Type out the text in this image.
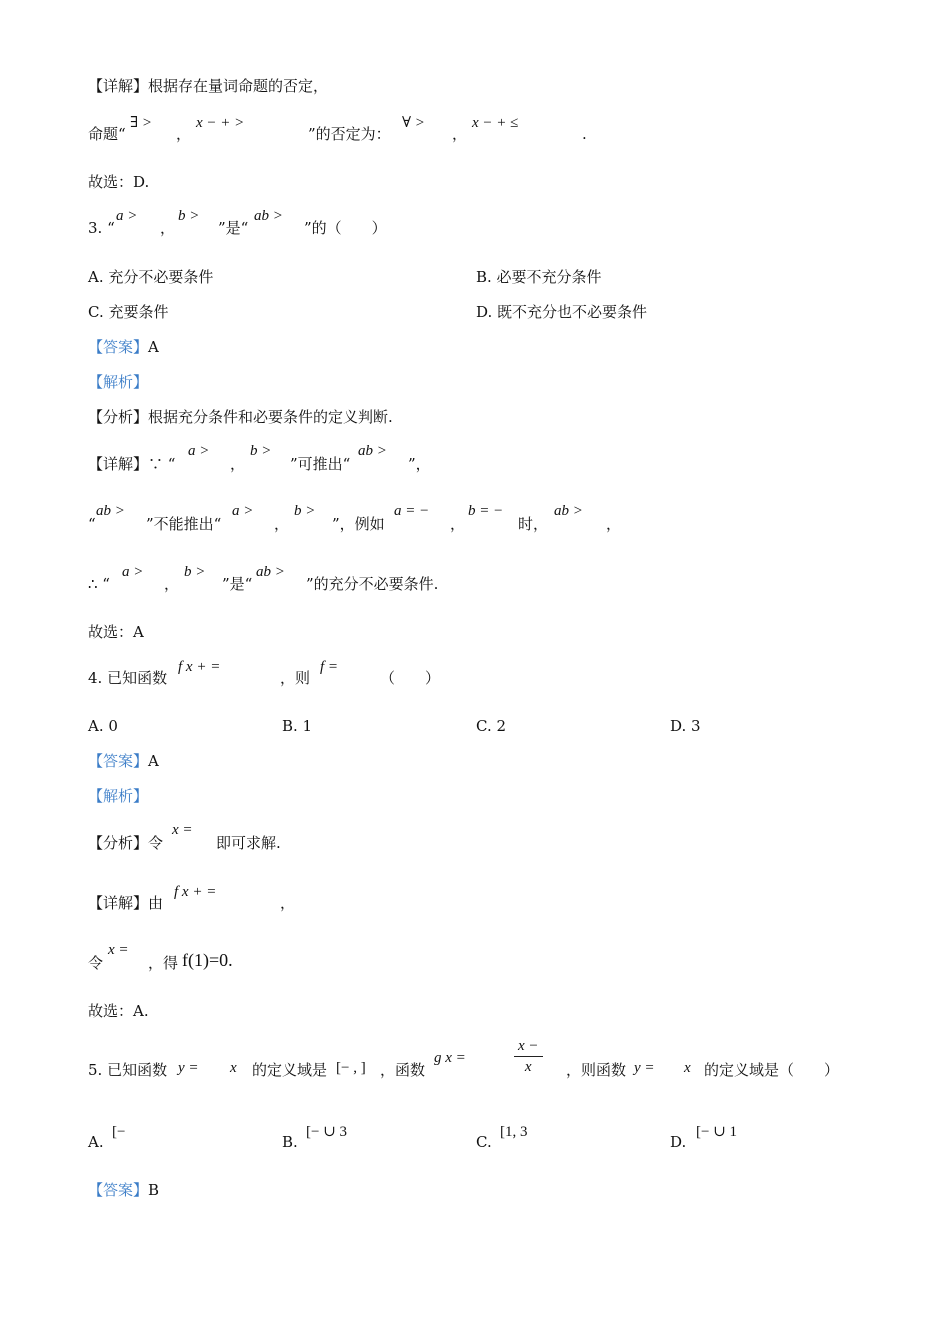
【详解】根据存在量词命题的否定，
命题“
∃ >
，
x − + >
”的否定为：
∀ >
，
x − + ≤
.
故选：D.
3. “
a >
，
b >
”是“
ab >
”的（　　）
A. 充分不必要条件	B. 必要不充分条件
C. 充要条件	D. 既不充分也不必要条件
【答案】A
【解析】
【分析】根据充分条件和必要条件的定义判断.
【详解】∵ “
a >
，
b >
”可推出“
ab >
”，
“
ab >
”不能推出“
a >
，
b >
”，例如
a = −
，
b = −
时，
ab >
，
∴ “
a >
，
b >
”是“
ab >
”的充分不必要条件.
故选：A
4. 已知函数
f x + =
，则
f =
（　　）
A. 0	B. 1	C. 2	D. 3
【答案】A
【解析】
【分析】令
x =
即可求解.
【详解】由
f x + =
，
令
x =
，得 f(1)=0.
故选：A.
5. 已知函数 y = x 的定义域是 [− , ] ，函数
g x =	$\frac{x -}{x}$ ，则函数 y = x 的定义域是（　　）
A.
[−
B.
[− ∪ 3
C.
[1, 3
D.
[− ∪ 1
【答案】B
